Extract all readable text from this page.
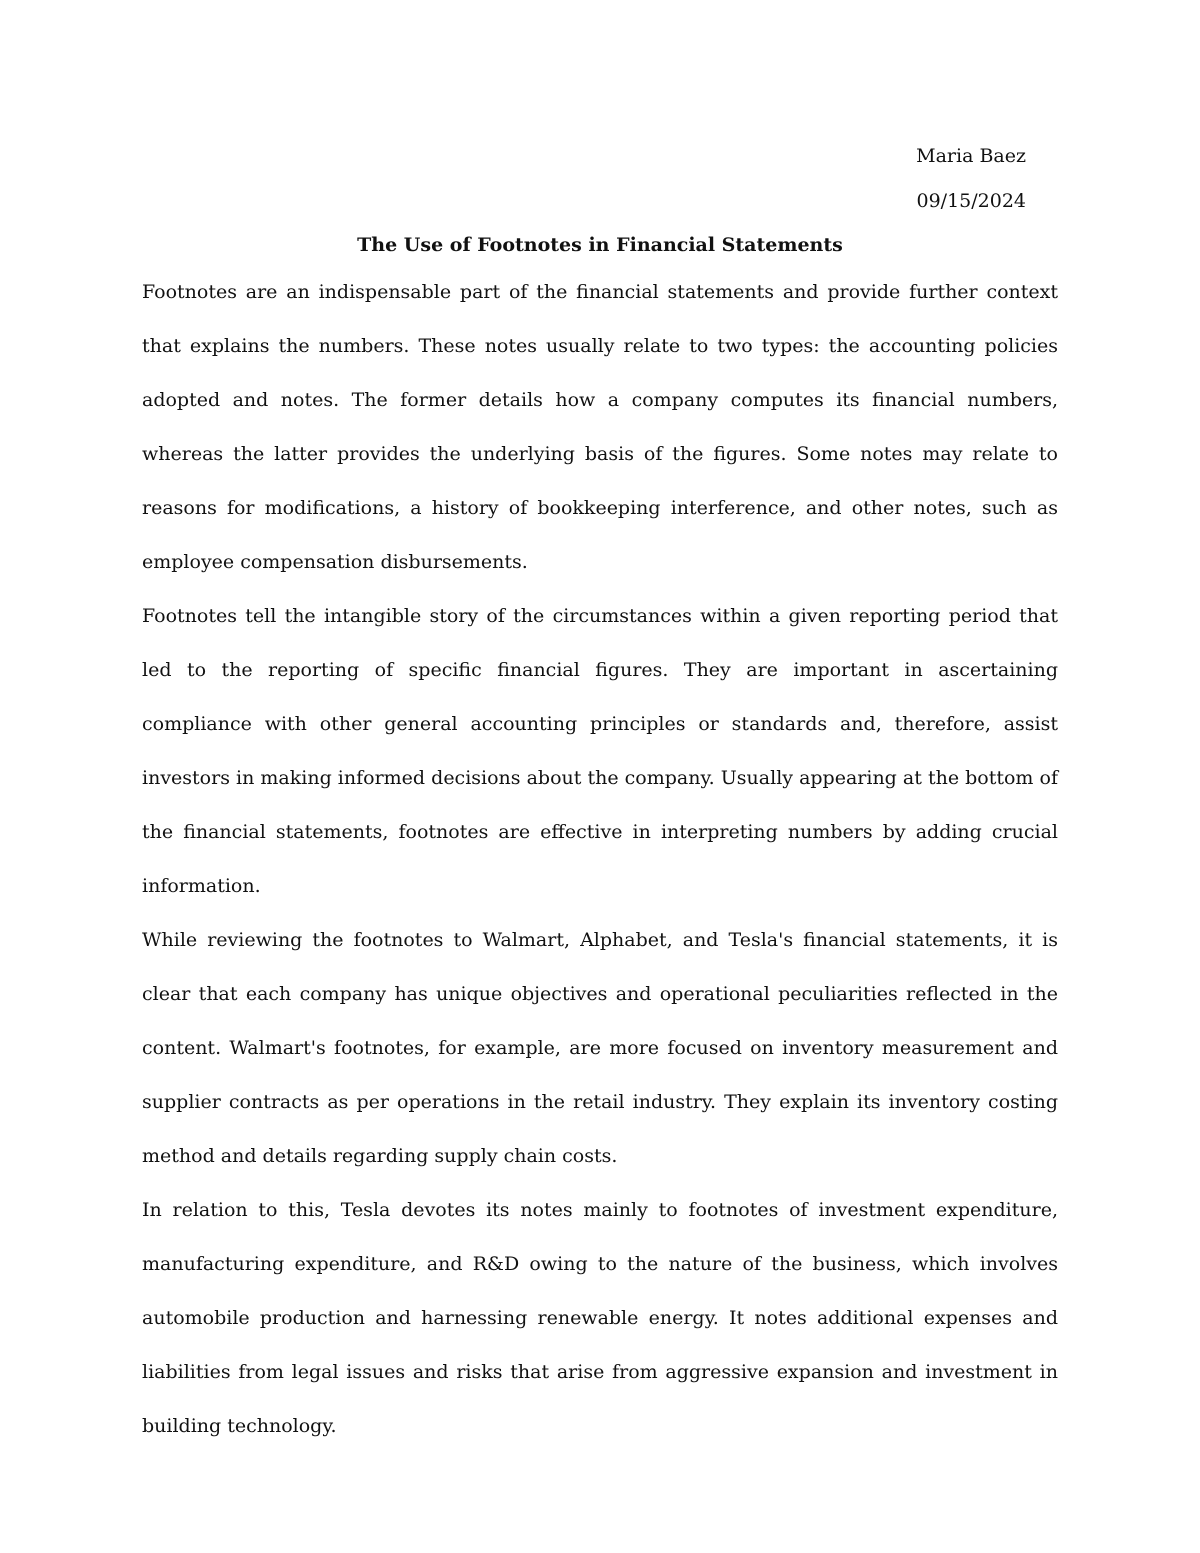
Maria Baez
09/15/2024
The Use of Footnotes in Financial Statements

Footnotes are an indispensable part of the financial statements and provide further context that explains the numbers. These notes usually relate to two types: the accounting policies adopted and notes. The former details how a company computes its financial numbers, whereas the latter provides the underlying basis of the figures. Some notes may relate to reasons for modifications, a history of bookkeeping interference, and other notes, such as employee compensation disbursements.

Footnotes tell the intangible story of the circumstances within a given reporting period that led to the reporting of specific financial figures. They are important in ascertaining compliance with other general accounting principles or standards and, therefore, assist investors in making informed decisions about the company. Usually appearing at the bottom of the financial statements, footnotes are effective in interpreting numbers by adding crucial information.

While reviewing the footnotes to Walmart, Alphabet, and Tesla's financial statements, it is clear that each company has unique objectives and operational peculiarities reflected in the content. Walmart's footnotes, for example, are more focused on inventory measurement and supplier contracts as per operations in the retail industry. They explain its inventory costing method and details regarding supply chain costs.

In relation to this, Tesla devotes its notes mainly to footnotes of investment expenditure, manufacturing expenditure, and R&D owing to the nature of the business, which involves automobile production and harnessing renewable energy. It notes additional expenses and liabilities from legal issues and risks that arise from aggressive expansion and investment in building technology.
